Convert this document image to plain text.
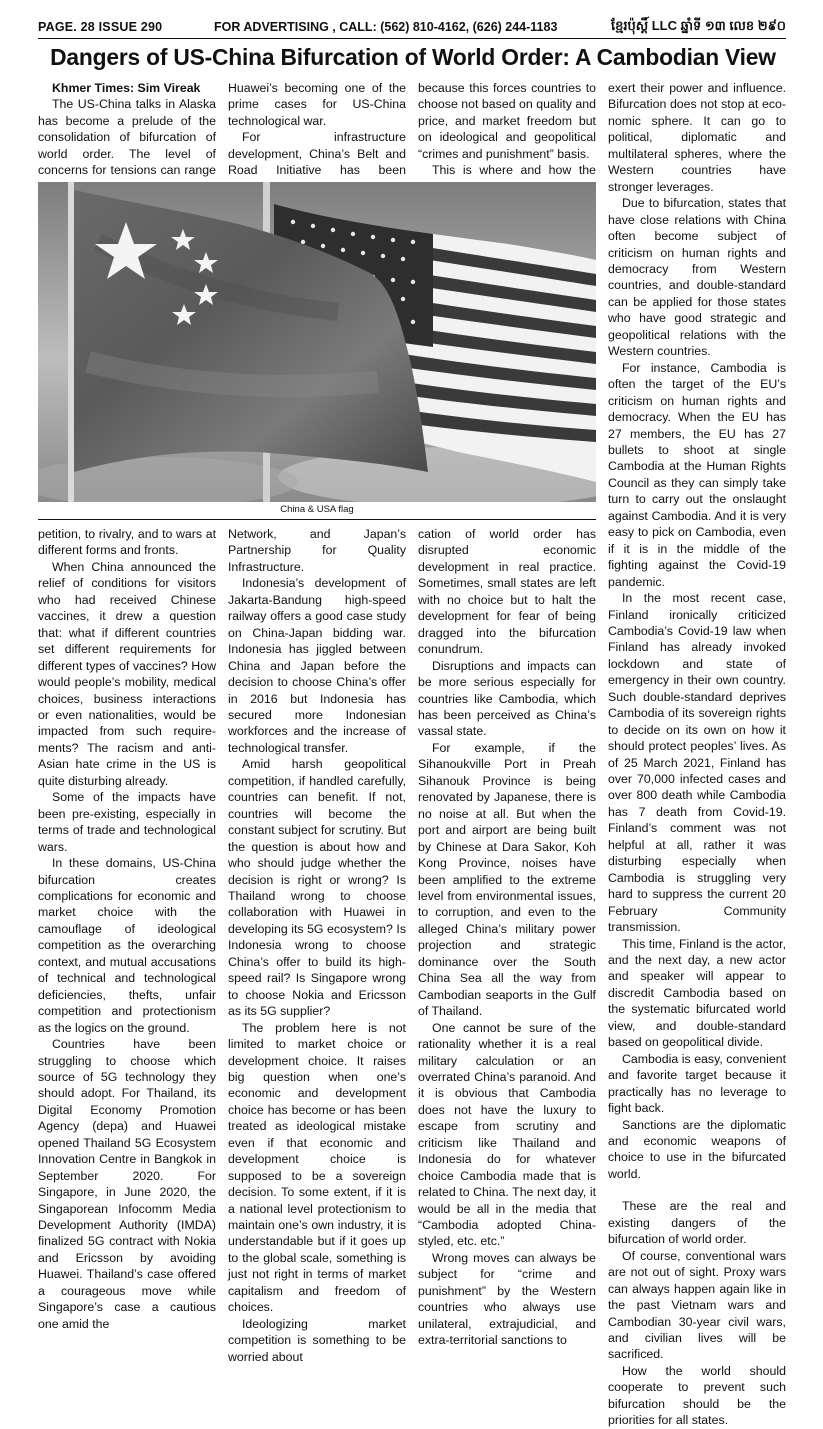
PAGE. 28 ISSUE 290	FOR ADVERTISING , CALL: (562) 810-4162, (626) 244-1183	ខ្មែរប៉ុស្តិ៍ LLC ឆ្នាំទី ១៣ លេខ ២៩០
Dangers of US-China Bifurcation of World Order: A Cambodian View

Khmer Times: Sim Vireak

The US-China talks in Alaska has become a prelude of the consolidation of bifurcation of world order. The level of concerns for tensions can range

Huawei’s becoming one of the prime cases for US-China technological war.

For infrastructure development, China’s Belt and Road Initiative has been

because this forces countries to choose not based on quality and price, and market freedom but on ideological and geopolitical “crimes and punishment” basis.

This is where and how the

China & USA flag

petition, to rivalry, and to wars at different forms and fronts.

When China announced the relief of conditions for visitors who had received Chinese vaccines, it drew a question that: what if different countries set different requirements for different types of vaccines? How would people’s mobility, medical choices, business interactions or even nationalities, would be impacted from such requirements? The racism and anti-Asian hate crime in the US is quite disturbing already.

Some of the impacts have been pre-existing, especially in terms of trade and technological wars.

In these domains, US-China bifurcation creates complications for economic and market choice with the camouflage of ideological competition as the overarching context, and mutual accusations of technical and technological deficiencies, thefts, unfair competition and protectionism as the logics on the ground.

Countries have been struggling to choose which source of 5G technology they should adopt. For Thailand, its Digital Economy Promotion Agency (depa) and Huawei opened Thailand 5G Ecosystem Innovation Centre in Bangkok in September 2020. For Singapore, in June 2020, the Singaporean Infocomm Media Development Authority (IMDA) finalized 5G contract with Nokia and Ericsson by avoiding Huawei. Thailand’s case offered a courageous move while Singapore’s case a cautious one amid the

Network, and Japan’s Partnership for Quality Infrastructure.

Indonesia’s development of Jakarta-Bandung high-speed railway offers a good case study on China-Japan bidding war. Indonesia has jiggled between China and Japan before the decision to choose China’s offer in 2016 but Indonesia has secured more Indonesian workforces and the increase of technological transfer.

Amid harsh geopolitical competition, if handled carefully, countries can benefit. If not, countries will become the constant subject for scrutiny. But the question is about how and who should judge whether the decision is right or wrong? Is Thailand wrong to choose collaboration with Huawei in developing its 5G ecosystem? Is Indonesia wrong to choose China’s offer to build its high-speed rail? Is Singapore wrong to choose Nokia and Ericsson as its 5G supplier?

The problem here is not limited to market choice or development choice. It raises big question when one’s economic and development choice has become or has been treated as ideological mistake even if that economic and development choice is supposed to be a sovereign decision. To some extent, if it is a national level protectionism to maintain one’s own industry, it is understandable but if it goes up to the global scale, something is just not right in terms of market capitalism and freedom of choices.

Ideologizing market competition is something to be worried about

cation of world order has disrupted economic development in real practice. Sometimes, small states are left with no choice but to halt the development for fear of being dragged into the bifurcation conundrum.

Disruptions and impacts can be more serious especially for countries like Cambodia, which has been perceived as China’s vassal state.

For example, if the Sihanoukville Port in Preah Sihanouk Province is being renovated by Japanese, there is no noise at all. But when the port and airport are being built by Chinese at Dara Sakor, Koh Kong Province, noises have been amplified to the extreme level from environmental issues, to corruption, and even to the alleged China’s military power projection and strategic dominance over the South China Sea all the way from Cambodian seaports in the Gulf of Thailand.

One cannot be sure of the rationality whether it is a real military calculation or an overrated China’s paranoid. And it is obvious that Cambodia does not have the luxury to escape from scrutiny and criticism like Thailand and Indonesia do for whatever choice Cambodia made that is related to China. The next day, it would be all in the media that “Cambodia adopted China-styled, etc. etc.”

Wrong moves can always be subject for “crime and punishment” by the Western countries who always use unilateral, extrajudicial, and extra-territorial sanctions to

exert their power and influence. Bifurcation does not stop at economic sphere. It can go to political, diplomatic and multilateral spheres, where the Western countries have stronger leverages.

Due to bifurcation, states that have close relations with China often become subject of criticism on human rights and democracy from Western countries, and double-standard can be applied for those states who have good strategic and geopolitical relations with the Western countries.

For instance, Cambodia is often the target of the EU’s criticism on human rights and democracy. When the EU has 27 members, the EU has 27 bullets to shoot at single Cambodia at the Human Rights Council as they can simply take turn to carry out the onslaught against Cambodia. And it is very easy to pick on Cambodia, even if it is in the middle of the fighting against the Covid-19 pandemic.

In the most recent case, Finland ironically criticized Cambodia’s Covid-19 law when Finland has already invoked lockdown and state of emergency in their own country. Such double-standard deprives Cambodia of its sovereign rights to decide on its own on how it should protect peoples’ lives. As of 25 March 2021, Finland has over 70,000 infected cases and over 800 death while Cambodia has 7 death from Covid-19. Finland’s comment was not helpful at all, rather it was disturbing especially when Cambodia is struggling very hard to suppress the current 20 February Community transmission.

This time, Finland is the actor, and the next day, a new actor and speaker will appear to discredit Cambodia based on the systematic bifurcated world view, and double-standard based on geopolitical divide.

Cambodia is easy, convenient and favorite target because it practically has no leverage to fight back.

Sanctions are the diplomatic and economic weapons of choice to use in the bifurcated world.

These are the real and existing dangers of the bifurcation of world order.

Of course, conventional wars are not out of sight. Proxy wars can always happen again like in the past Vietnam wars and Cambodian 30-year civil wars, and civilian lives will be sacrificed.

How the world should cooperate to prevent such bifurcation should be the priorities for all states.
